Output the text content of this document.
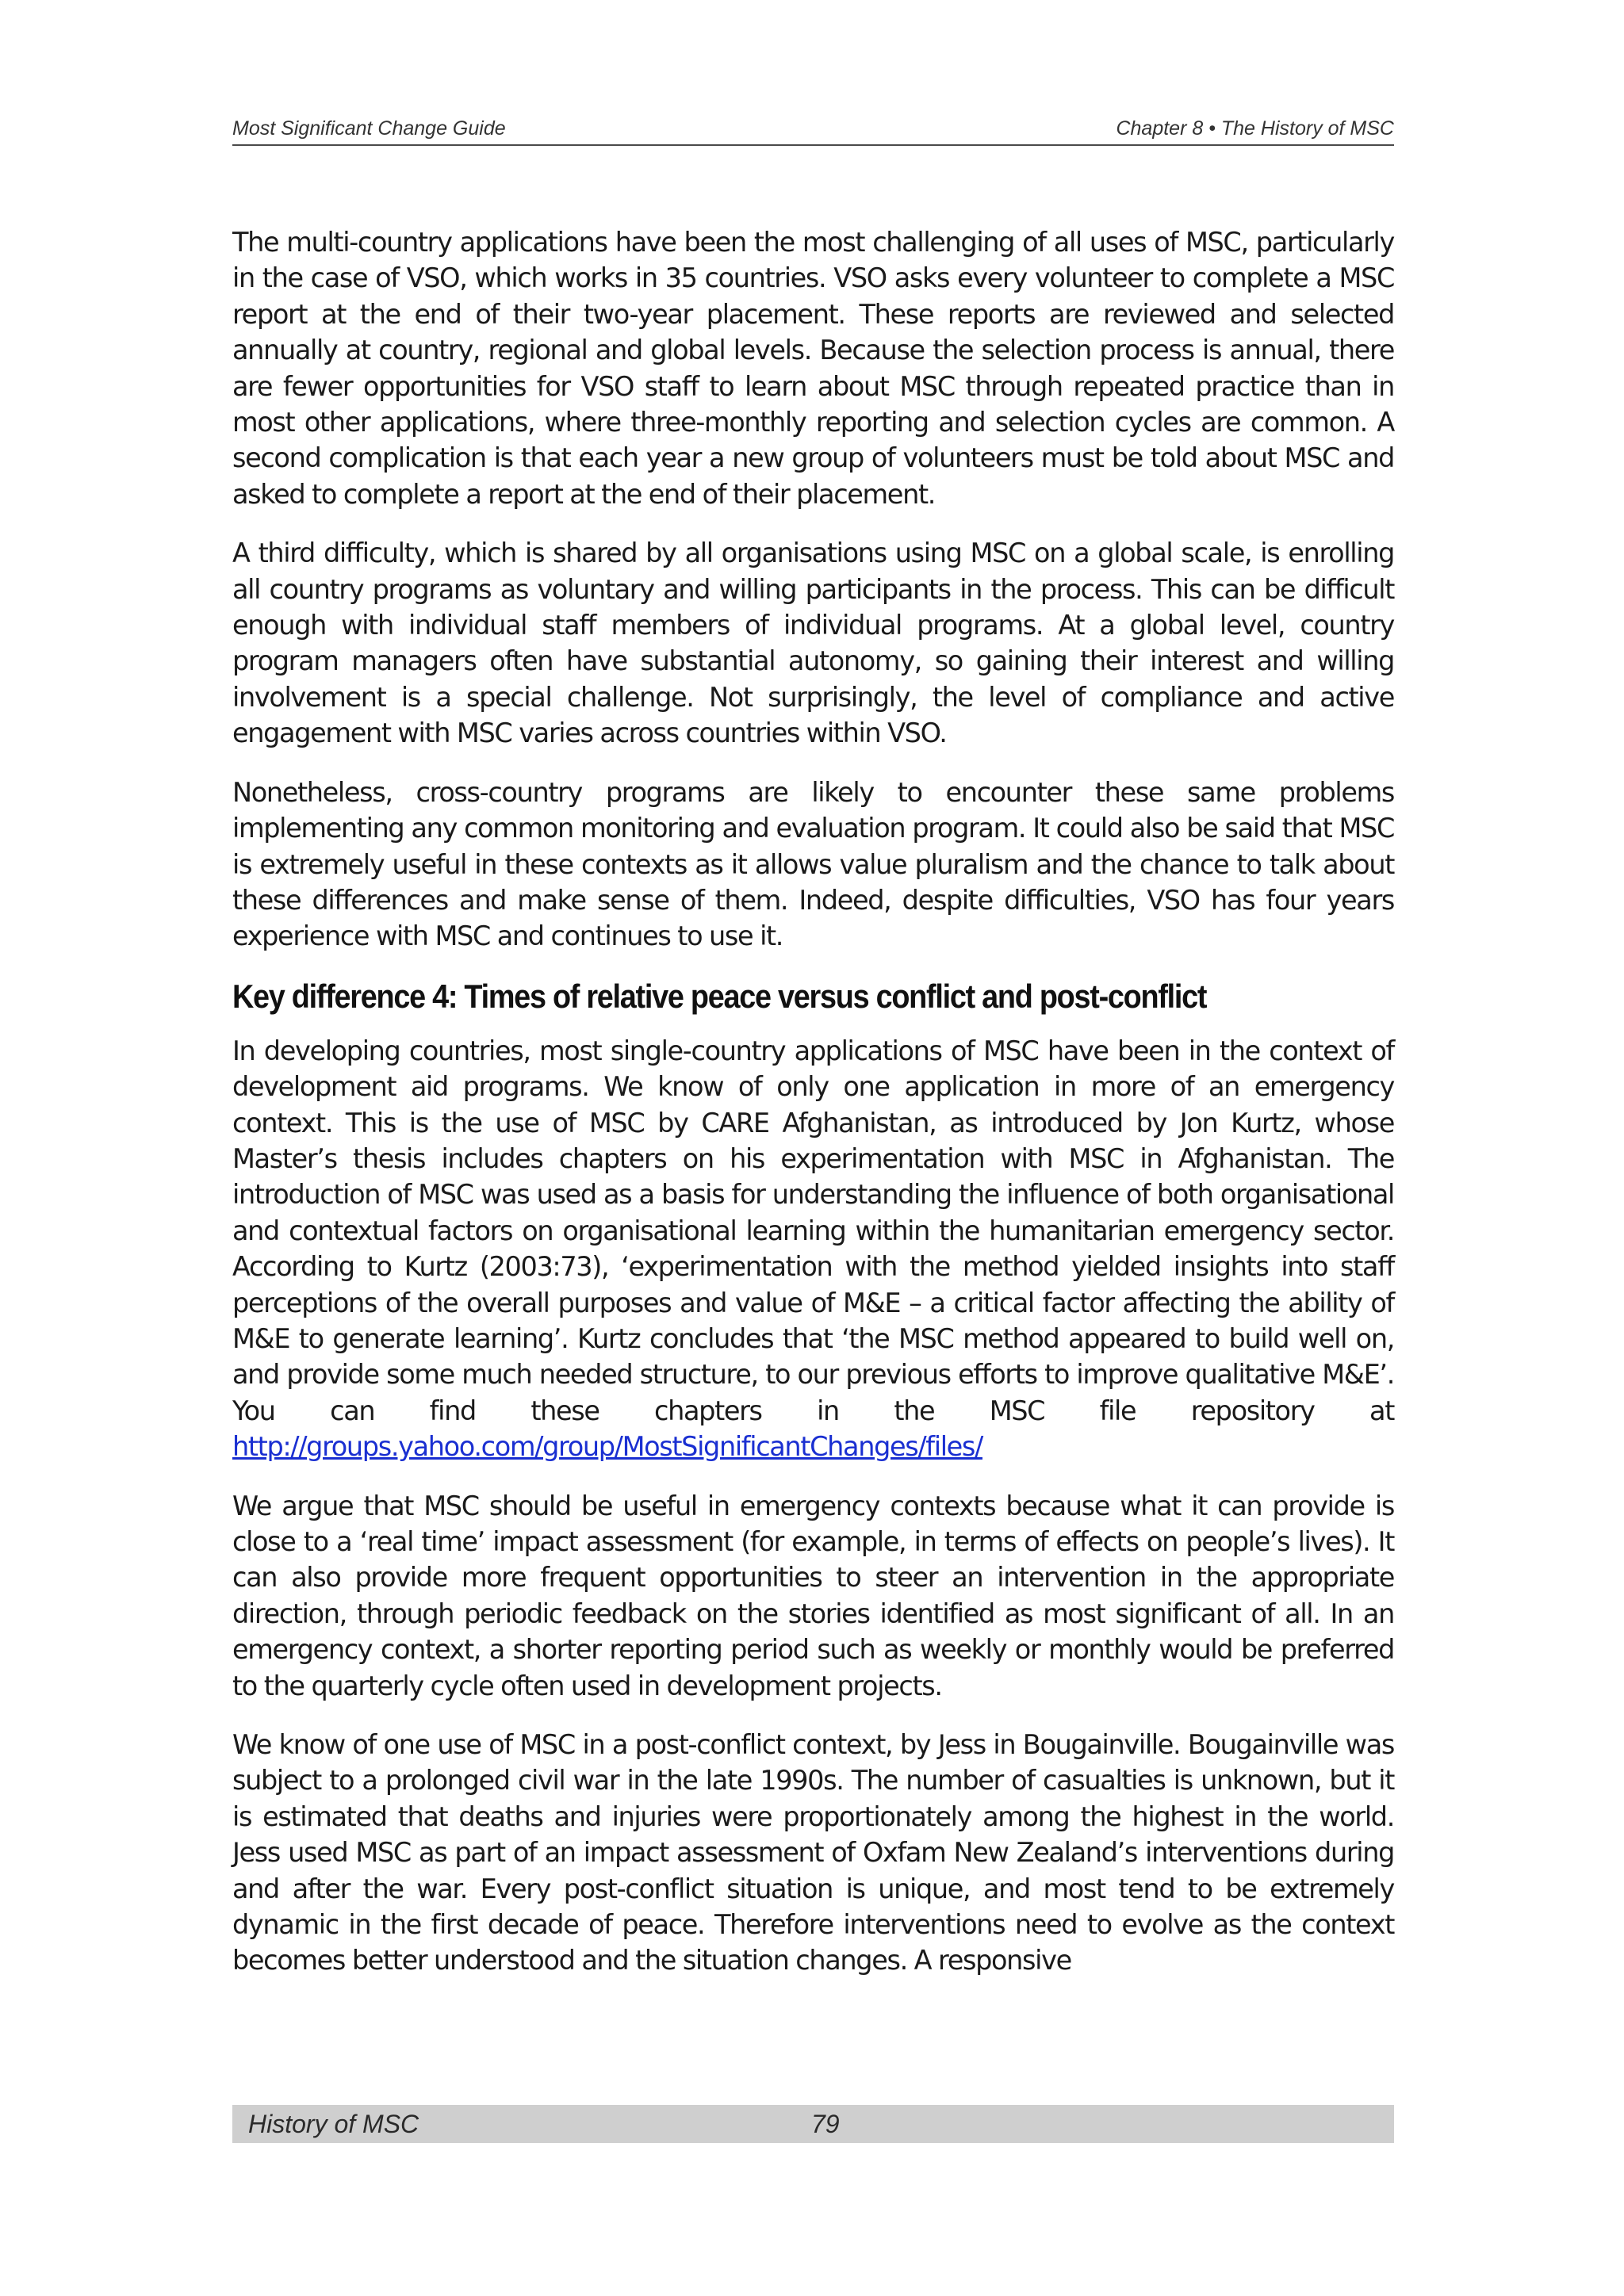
Most Significant Change Guide	Chapter 8 • The History of MSC

The multi-country applications have been the most challenging of all uses of MSC, particularly in the case of VSO, which works in 35 countries. VSO asks every volunteer to complete a MSC report at the end of their two-year placement. These reports are reviewed and selected annually at country, regional and global levels. Because the selection process is annual, there are fewer opportunities for VSO staff to learn about MSC through repeated practice than in most other applications, where three-monthly reporting and selection cycles are common. A second complication is that each year a new group of volunteers must be told about MSC and asked to complete a report at the end of their placement.

A third difficulty, which is shared by all organisations using MSC on a global scale, is enrolling all country programs as voluntary and willing participants in the process. This can be difficult enough with individual staff members of individual programs. At a global level, country program managers often have substantial autonomy, so gaining their interest and willing involvement is a special challenge. Not surprisingly, the level of compliance and active engagement with MSC varies across countries within VSO.

Nonetheless, cross-country programs are likely to encounter these same problems implementing any common monitoring and evaluation program. It could also be said that MSC is extremely useful in these contexts as it allows value pluralism and the chance to talk about these differences and make sense of them. Indeed, despite difficulties, VSO has four years experience with MSC and continues to use it.

Key difference 4: Times of relative peace versus conflict and post-conflict

In developing countries, most single-country applications of MSC have been in the context of development aid programs. We know of only one application in more of an emergency context. This is the use of MSC by CARE Afghanistan, as introduced by Jon Kurtz, whose Master’s thesis includes chapters on his experimentation with MSC in Afghanistan. The introduction of MSC was used as a basis for understanding the influence of both organisational and contextual factors on organisational learning within the humanitarian emergency sector. According to Kurtz (2003:73), ‘experimentation with the method yielded insights into staff perceptions of the overall purposes and value of M&E – a critical factor affecting the ability of M&E to generate learning’. Kurtz concludes that ‘the MSC method appeared to build well on, and provide some much needed structure, to our previous efforts to improve qualitative M&E’. You can find these chapters in the MSC file repository at http://groups.yahoo.com/group/MostSignificantChanges/files/

We argue that MSC should be useful in emergency contexts because what it can provide is close to a ‘real time’ impact assessment (for example, in terms of effects on people’s lives). It can also provide more frequent opportunities to steer an intervention in the appropriate direction, through periodic feedback on the stories identified as most significant of all. In an emergency context, a shorter reporting period such as weekly or monthly would be preferred to the quarterly cycle often used in development projects.

We know of one use of MSC in a post-conflict context, by Jess in Bougainville. Bougainville was subject to a prolonged civil war in the late 1990s. The number of casualties is unknown, but it is estimated that deaths and injuries were proportionately among the highest in the world. Jess used MSC as part of an impact assessment of Oxfam New Zealand’s interventions during and after the war. Every post-conflict situation is unique, and most tend to be extremely dynamic in the first decade of peace. Therefore interventions need to evolve as the context becomes better understood and the situation changes. A responsive

History of MSC	79
